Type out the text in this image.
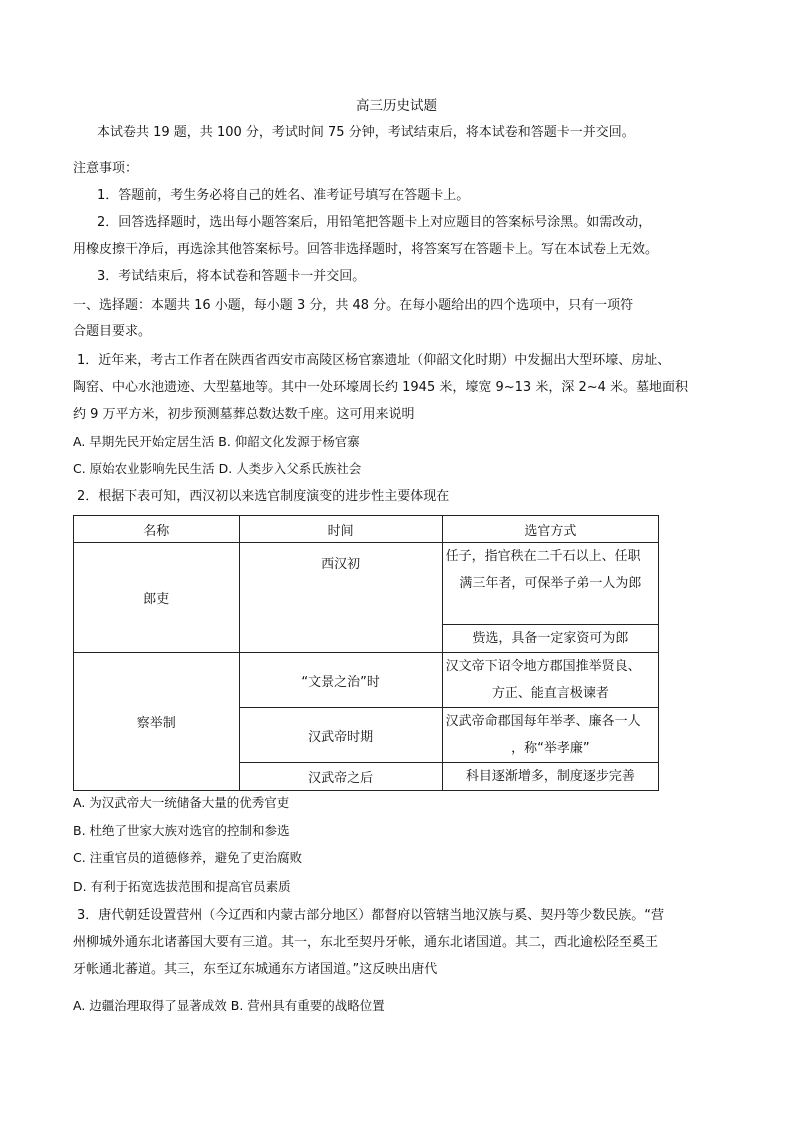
高三历史试题
本试卷共 19 题，共 100 分，考试时间 75 分钟，考试结束后，将本试卷和答题卡一并交回。
注意事项：
1．答题前，考生务必将自己的姓名、准考证号填写在答题卡上。
2．回答选择题时，选出每小题答案后，用铅笔把答题卡上对应题目的答案标号涂黑。如需改动，
用橡皮擦干净后，再选涂其他答案标号。回答非选择题时，将答案写在答题卡上。写在本试卷上无效。
3．考试结束后，将本试卷和答题卡一并交回。
一、选择题：本题共 16 小题，每小题 3 分，共 48 分。在每小题给出的四个选项中，只有一项符
合题目要求。
1．近年来，考古工作者在陕西省西安市高陵区杨官寨遗址（仰韶文化时期）中发掘出大型环壕、房址、
陶窑、中心水池遗迹、大型墓地等。其中一处环壕周长约 1945 米，壕宽 9~13 米，深 2~4 米。墓地面积
约 9 万平方米，初步预测墓葬总数达数千座。这可用来说明
A. 早期先民开始定居生活 B. 仰韶文化发源于杨官寨
C. 原始农业影响先民生活 D. 人类步入父系氏族社会
2．根据下表可知，西汉初以来选官制度演变的进步性主要体现在
名称	时间	选官方式
郎吏	西汉初	任子，指官秩在二千石以上、任职
满三年者，可保举子弟一人为郎

		赀选，具备一定家资可为郎
察举制	“文景之治”时	汉文帝下诏令地方郡国推举贤良、
方正、能直言极谏者

	汉武帝时期	汉武帝命郡国每年举孝、廉各一人
，称“举孝廉”

	汉武帝之后	科目逐渐增多，制度逐步完善
A. 为汉武帝大一统储备大量的优秀官吏
B. 杜绝了世家大族对选官的控制和参选
C. 注重官员的道德修养，避免了吏治腐败
D. 有利于拓宽选拔范围和提高官员素质
3．唐代朝廷设置营州（今辽西和内蒙古部分地区）都督府以管辖当地汉族与奚、契丹等少数民族。“营
州柳城外通东北诸蕃国大要有三道。其一，东北至契丹牙帐，通东北诸国道。其二，西北逾松陉至奚王
牙帐通北蕃道。其三，东至辽东城通东方诸国道。”这反映出唐代
A. 边疆治理取得了显著成效 B. 营州具有重要的战略位置
